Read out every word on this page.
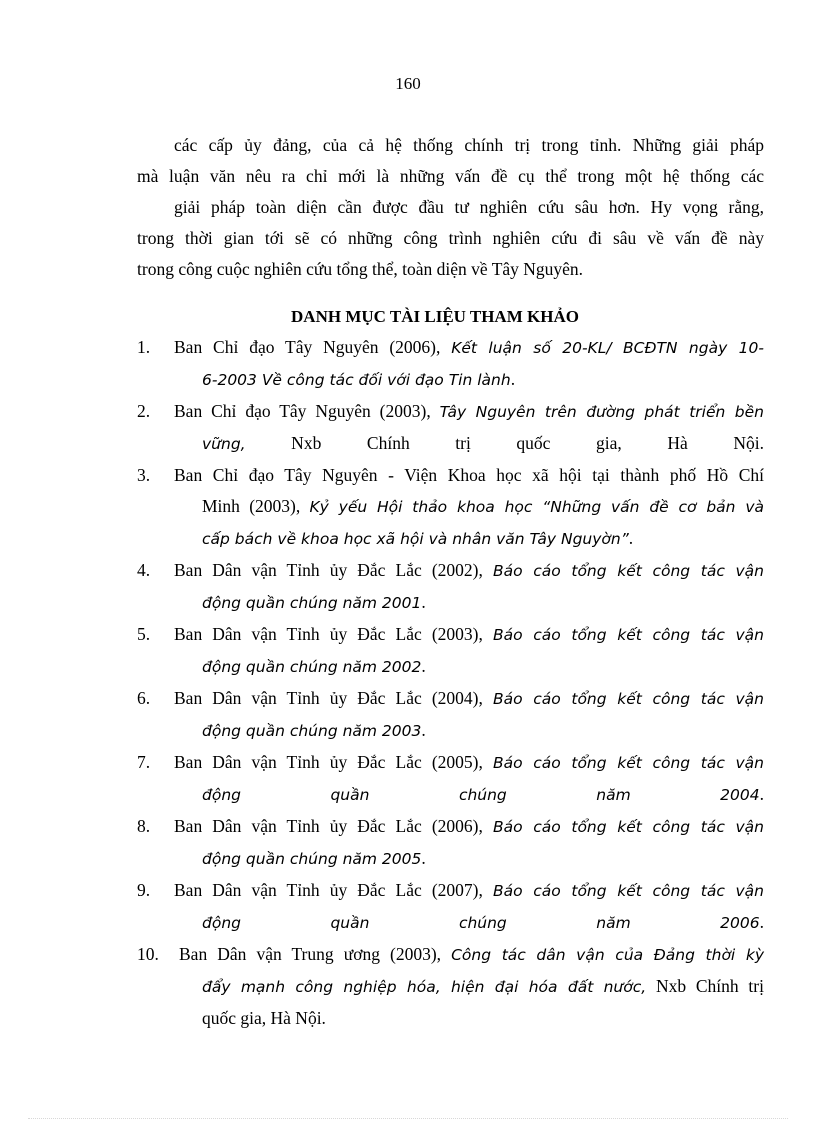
160

các cấp ủy đảng, của cả hệ thống chính trị trong tỉnh. Những giải pháp

mà luận văn nêu ra chỉ mới là những vấn đề cụ thể trong một hệ thống các

giải pháp toàn diện cần được đầu tư nghiên cứu sâu hơn. Hy vọng rằng,

trong thời gian tới sẽ có những công trình nghiên cứu đi sâu về vấn đề này

trong công cuộc nghiên cứu tổng thể, toàn diện về Tây Nguyên.

DANH MỤC TÀI LIỆU THAM KHẢO
1. Ban Chỉ đạo Tây Nguyên (2006), Kết luận số 20-KL/ BCĐTN ngày 10-
6-2003 Về công tác đối với đạo Tin lành.
2. Ban Chỉ đạo Tây Nguyên (2003), Tây Nguyên trên đường phát triển bền
vững, Nxb Chính trị quốc gia, Hà Nội.
3. Ban Chỉ đạo Tây Nguyên - Viện Khoa học xã hội tại thành phố Hồ Chí
Minh (2003), Kỷ yếu Hội thảo khoa học “Những vấn đề cơ bản và
cấp bách về khoa học xã hội và nhân văn Tây Nguyờn”.
4. Ban Dân vận Tỉnh ủy Đắc Lắc (2002), Báo cáo tổng kết công tác vận
động quần chúng năm 2001.
5. Ban Dân vận Tỉnh ủy Đắc Lắc (2003), Báo cáo tổng kết công tác vận
động quần chúng năm 2002.
6. Ban Dân vận Tỉnh ủy Đắc Lắc (2004), Báo cáo tổng kết công tác vận
động quần chúng năm 2003.
7. Ban Dân vận Tỉnh ủy Đắc Lắc (2005), Báo cáo tổng kết công tác vận
động quần chúng năm 2004.
8. Ban Dân vận Tỉnh ủy Đắc Lắc (2006), Báo cáo tổng kết công tác vận
động quần chúng năm 2005.
9. Ban Dân vận Tỉnh ủy Đắc Lắc (2007), Báo cáo tổng kết công tác vận
động quần chúng năm 2006.
10. Ban Dân vận Trung ương (2003), Công tác dân vận của Đảng thời kỳ
đẩy mạnh công nghiệp hóa, hiện đại hóa đất nước, Nxb Chính trị
quốc gia, Hà Nội.
